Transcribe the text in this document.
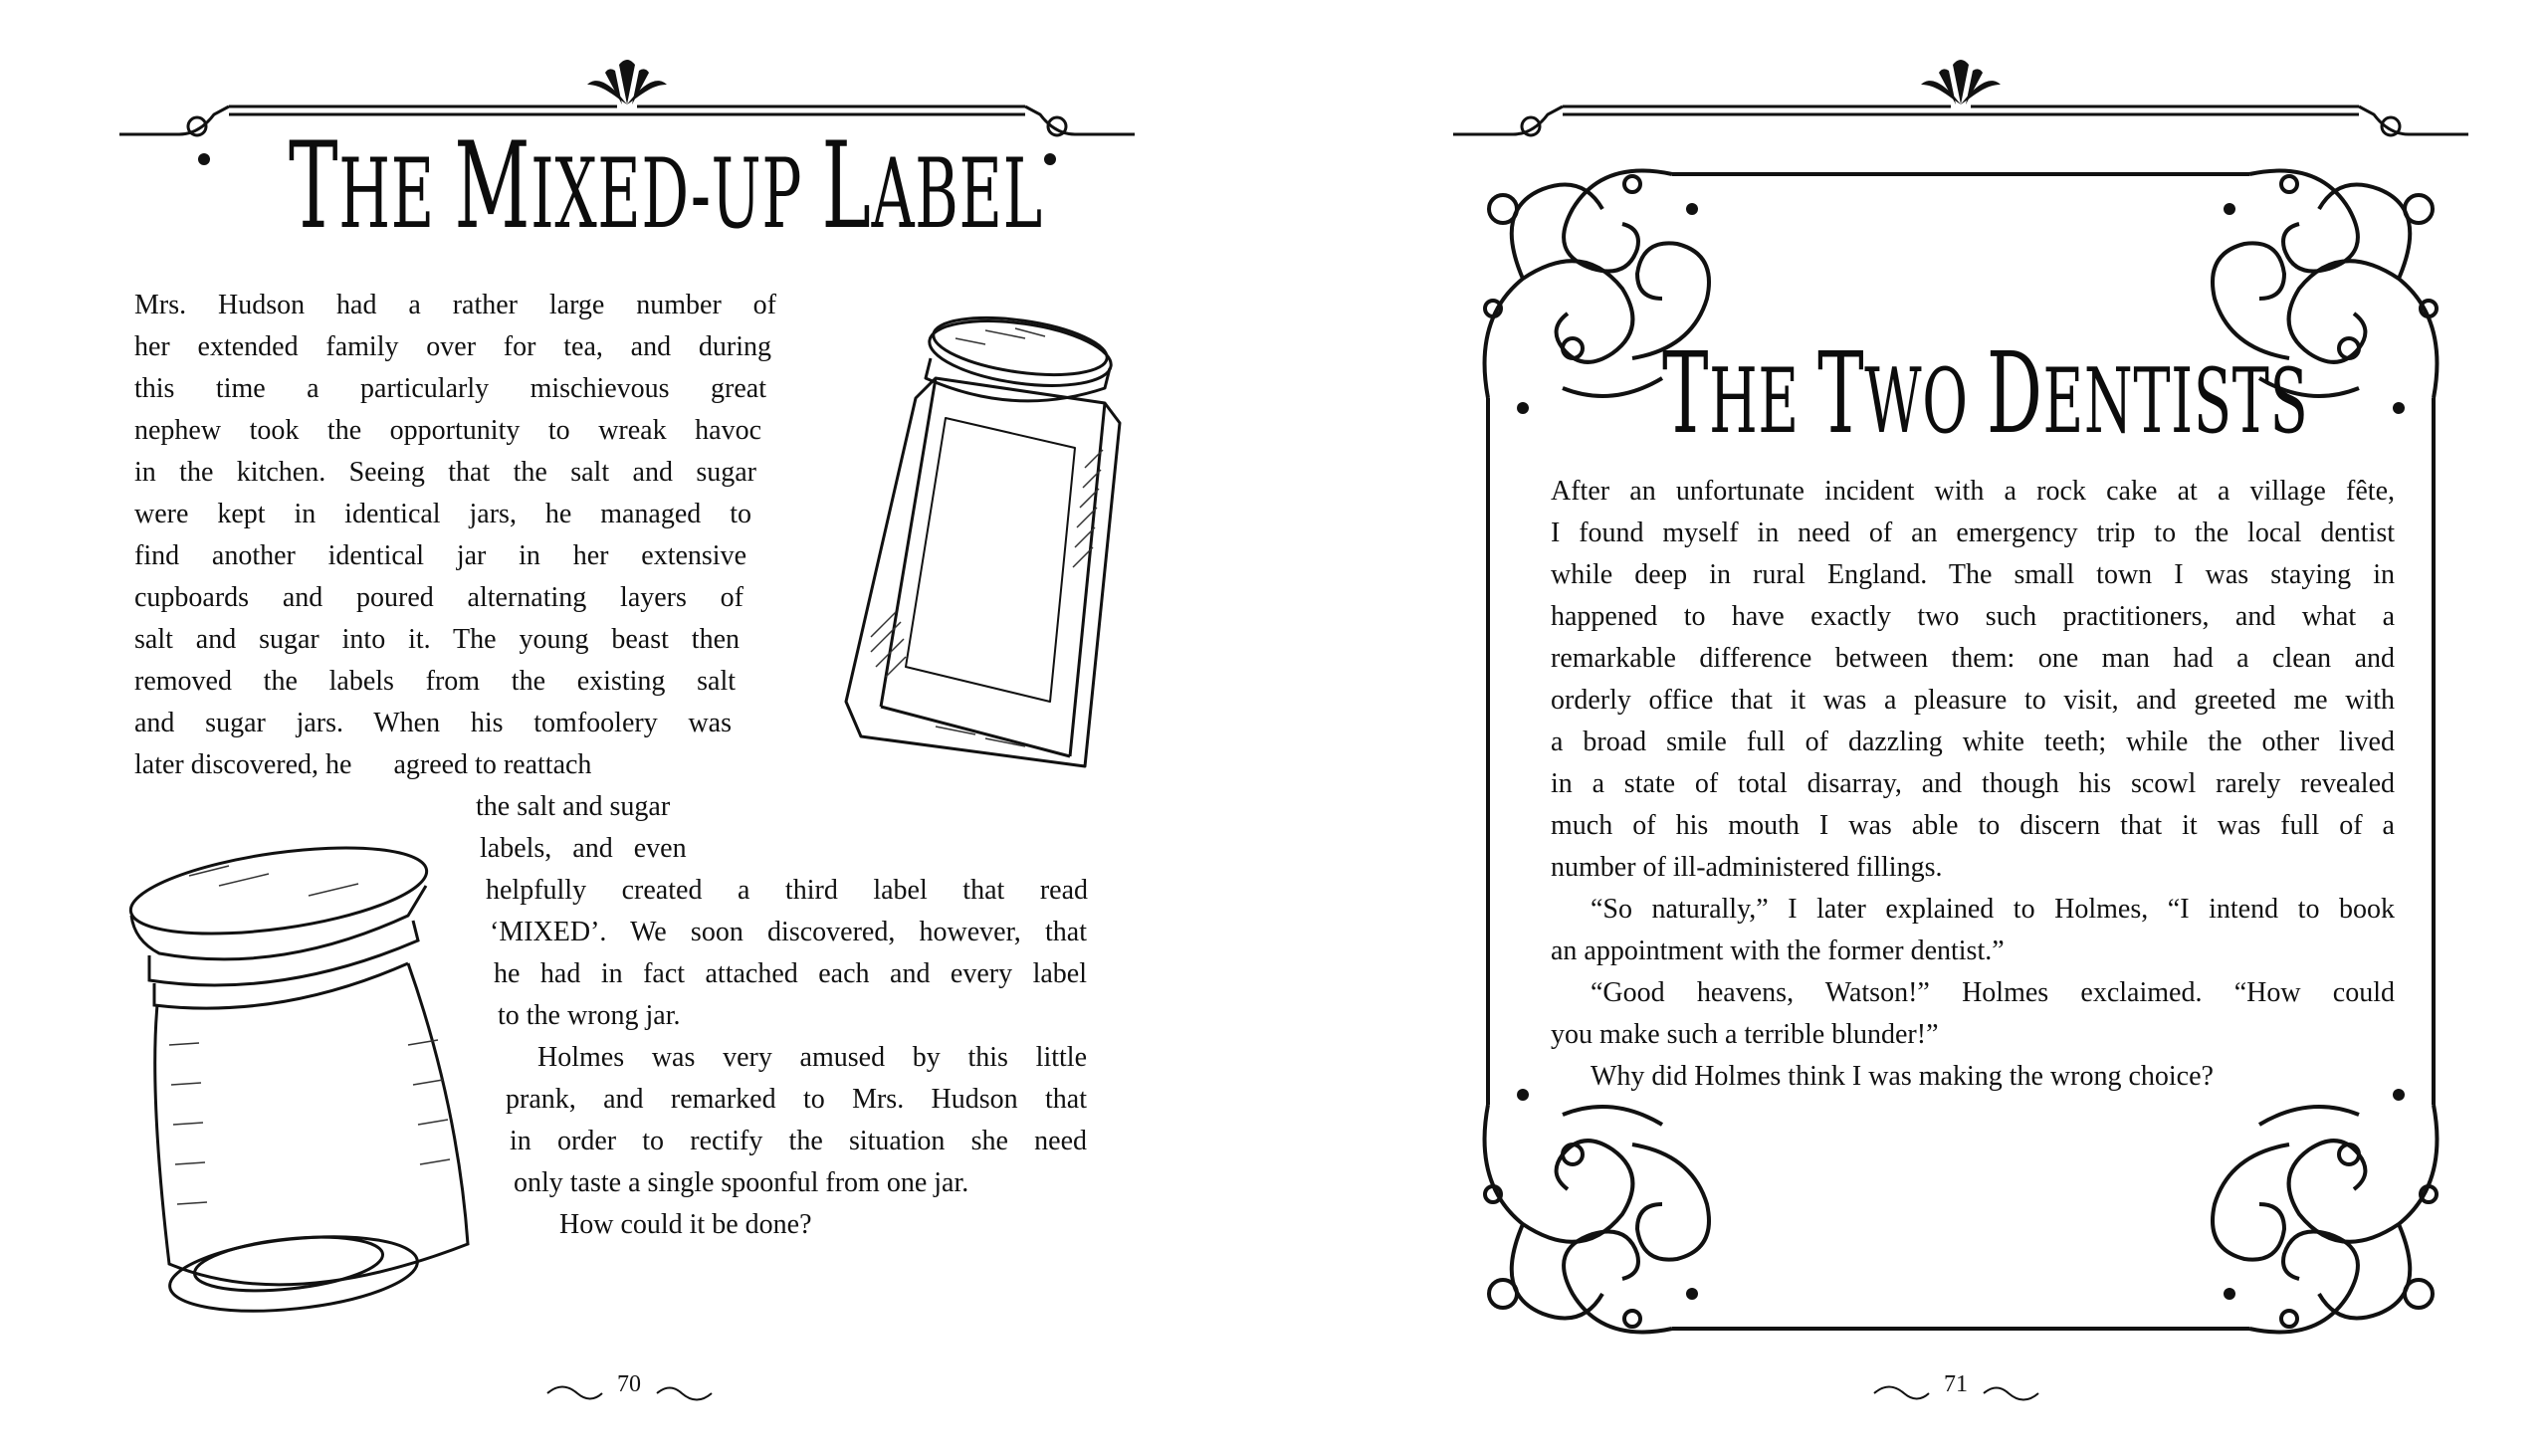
THE MIXED-UP LABEL
Mrs. Hudson had a rather large number of
her extended family over for tea, and during
this time a particularly mischievous great
nephew took the opportunity to wreak havoc
in the kitchen. Seeing that the salt and sugar
were kept in identical jars, he managed to
find another identical jar in her extensive
cupboards and poured alternating layers of
salt and sugar into it. The young beast then
removed the labels from the existing salt
and sugar jars. When his tomfoolery was
later discovered, he      agreed to reattach
the salt and sugar
labels,   and   even
helpfully created a third label that read
‘MIXED’. We soon discovered, however, that
he had in fact attached each and every label
to the wrong jar.
Holmes was very amused by this little
prank, and remarked to Mrs. Hudson that
in order to rectify the situation she need
only taste a single spoonful from one jar.
How could it be done?
70
THE TWO DENTISTS
After an unfortunate incident with a rock cake at a village fête,
I found myself in need of an emergency trip to the local dentist
while deep in rural England. The small town I was staying in
happened to have exactly two such practitioners, and what a
remarkable difference between them: one man had a clean and
orderly office that it was a pleasure to visit, and greeted me with
a broad smile full of dazzling white teeth; while the other lived
in a state of total disarray, and though his scowl rarely revealed
much of his mouth I was able to discern that it was full of a
number of ill-administered fillings.
“So naturally,” I later explained to Holmes, “I intend to book
an appointment with the former dentist.”
“Good heavens, Watson!” Holmes exclaimed. “How could
you make such a terrible blunder!”
Why did Holmes think I was making the wrong choice?
71
